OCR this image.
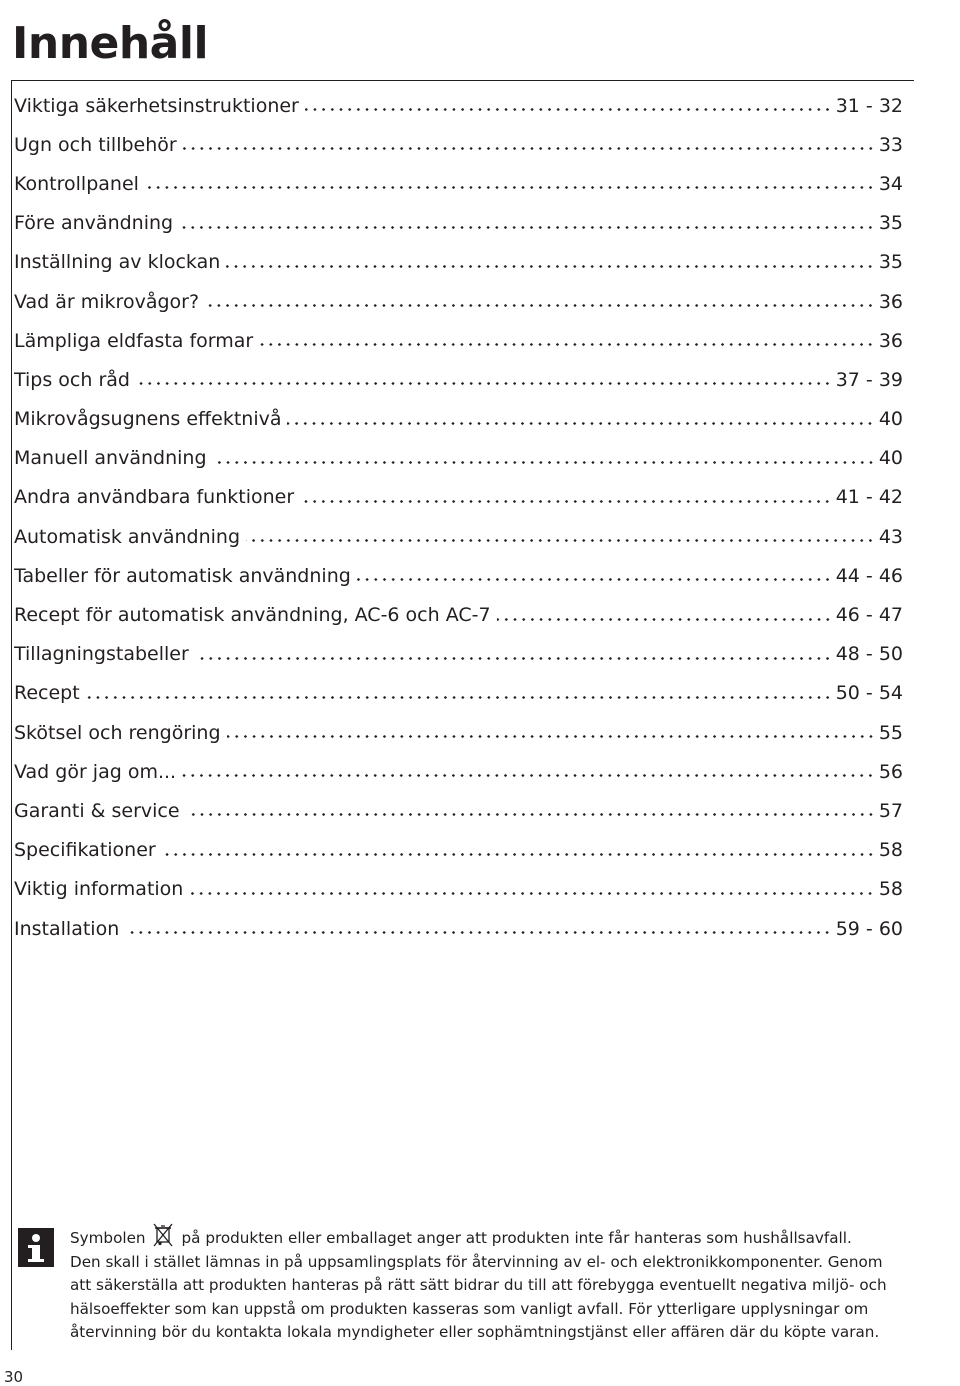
Innehåll
Viktiga säkerhetsinstruktioner	31 - 32
Ugn och tillbehör	33
Kontrollpanel	34
Före användning	35
Inställning av klockan	35
Vad är mikrovågor?	36
Lämpliga eldfasta formar	36
Tips och råd	37 - 39
Mikrovågsugnens effektnivå	40
Manuell användning	40
Andra användbara funktioner	41 - 42
Automatisk användning	43
Tabeller för automatisk användning	44 - 46
Recept för automatisk användning, AC-6 och AC-7	46 - 47
Tillagningstabeller	48 - 50
Recept	50 - 54
Skötsel och rengöring	55
Vad gör jag om...	56
Garanti & service	57
Specifikationer	58
Viktig information	58
Installation	59 - 60

Symbolen på produkten eller emballaget anger att produkten inte får hanteras som hushållsavfall.

Den skall i stället lämnas in på uppsamlingsplats för återvinning av el- och elektronikkomponenter. Genom

att säkerställa att produkten hanteras på rätt sätt bidrar du till att förebygga eventuellt negativa miljö- och

hälsoeffekter som kan uppstå om produkten kasseras som vanligt avfall. För ytterligare upplysningar om

återvinning bör du kontakta lokala myndigheter eller sophämtningstjänst eller affären där du köpte varan.

30
